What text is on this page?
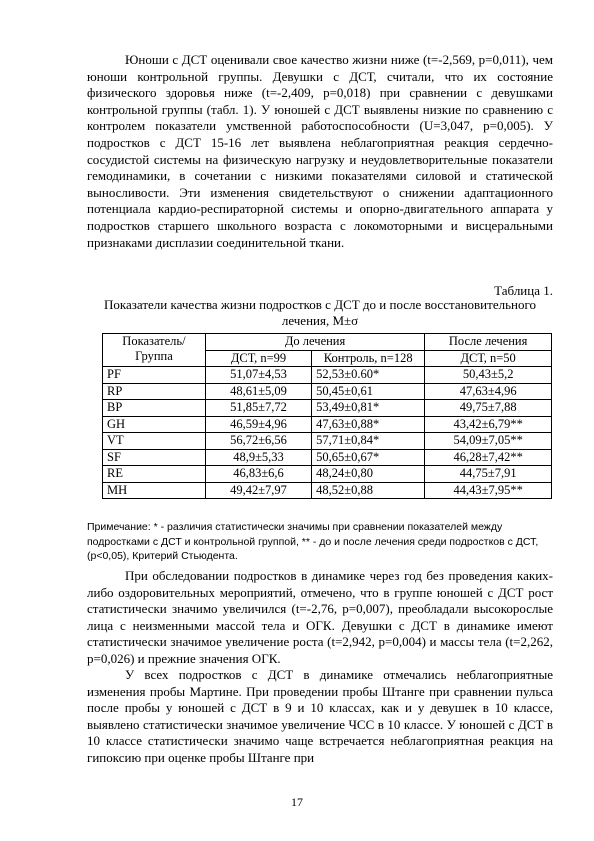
Юноши с ДСТ оценивали свое качество жизни ниже (t=-2,569, p=0,011), чем юноши контрольной группы. Девушки с ДСТ, считали, что их состояние физического здоровья ниже (t=-2,409, p=0,018) при сравнении с девушками контрольной группы (табл. 1). У юношей с ДСТ выявлены низкие по сравнению с контролем показатели умственной работоспособности (U=3,047, p=0,005). У подростков с ДСТ 15-16 лет выявлена неблагоприятная реакция сердечно-сосудистой системы на физическую нагрузку и неудовлетворительные показатели гемодинамики, в сочетании с низкими показателями силовой и статической выносливости. Эти изменения свидетельствуют о снижении адаптационного потенциала кардио-респираторной системы и опорно-двигательного аппарата у подростков старшего школьного возраста с локомоторными и висцеральными признаками дисплазии соединительной ткани.

Таблица 1.

Показатели качества жизни подростков с ДСТ до и после восстановительного лечения, M±σ

Показатель/ Группа	До лечения		После лечения
	ДСТ, n=99	Контроль, n=128	ДСТ, n=50
PF	51,07±4,53	52,53±0.60*	50,43±5,2
RP	48,61±5,09	50,45±0,61	47,63±4,96
BP	51,85±7,72	53,49±0,81*	49,75±7,88
GH	46,59±4,96	47,63±0,88*	43,42±6,79**
VT	56,72±6,56	57,71±0,84*	54,09±7,05**
SF	48,9±5,33	50,65±0,67*	46,28±7,42**
RE	46,83±6,6	48,24±0,80	44,75±7,91
MH	49,42±7,97	48,52±0,88	44,43±7,95**

Примечание: * - различия статистически значимы при сравнении показателей между подростками с ДСТ и контрольной группой, ** - до и после лечения среди подростков с ДСТ, (p<0,05), Критерий Стьюдента.

При обследовании подростков в динамике через год без проведения каких-либо оздоровительных мероприятий, отмечено, что в группе юношей с ДСТ рост статистически значимо увеличился (t=-2,76, p=0,007), преобладали высокорослые лица с неизменными массой тела и ОГК. Девушки с ДСТ в динамике имеют статистически значимое увеличение роста (t=2,942, p=0,004) и массы тела (t=2,262, p=0,026) и прежние значения ОГК.

У всех подростков с ДСТ в динамике отмечались неблагоприятные изменения пробы Мартине. При проведении пробы Штанге при сравнении пульса после пробы у юношей с ДСТ в 9 и 10 классах, как и у девушек в 10 классе, выявлено статистически значимое увеличение ЧСС в 10 классе. У юношей с ДСТ в 10 классе статистически значимо чаще встречается неблагоприятная реакция на гипоксию при оценке пробы Штанге при

17
